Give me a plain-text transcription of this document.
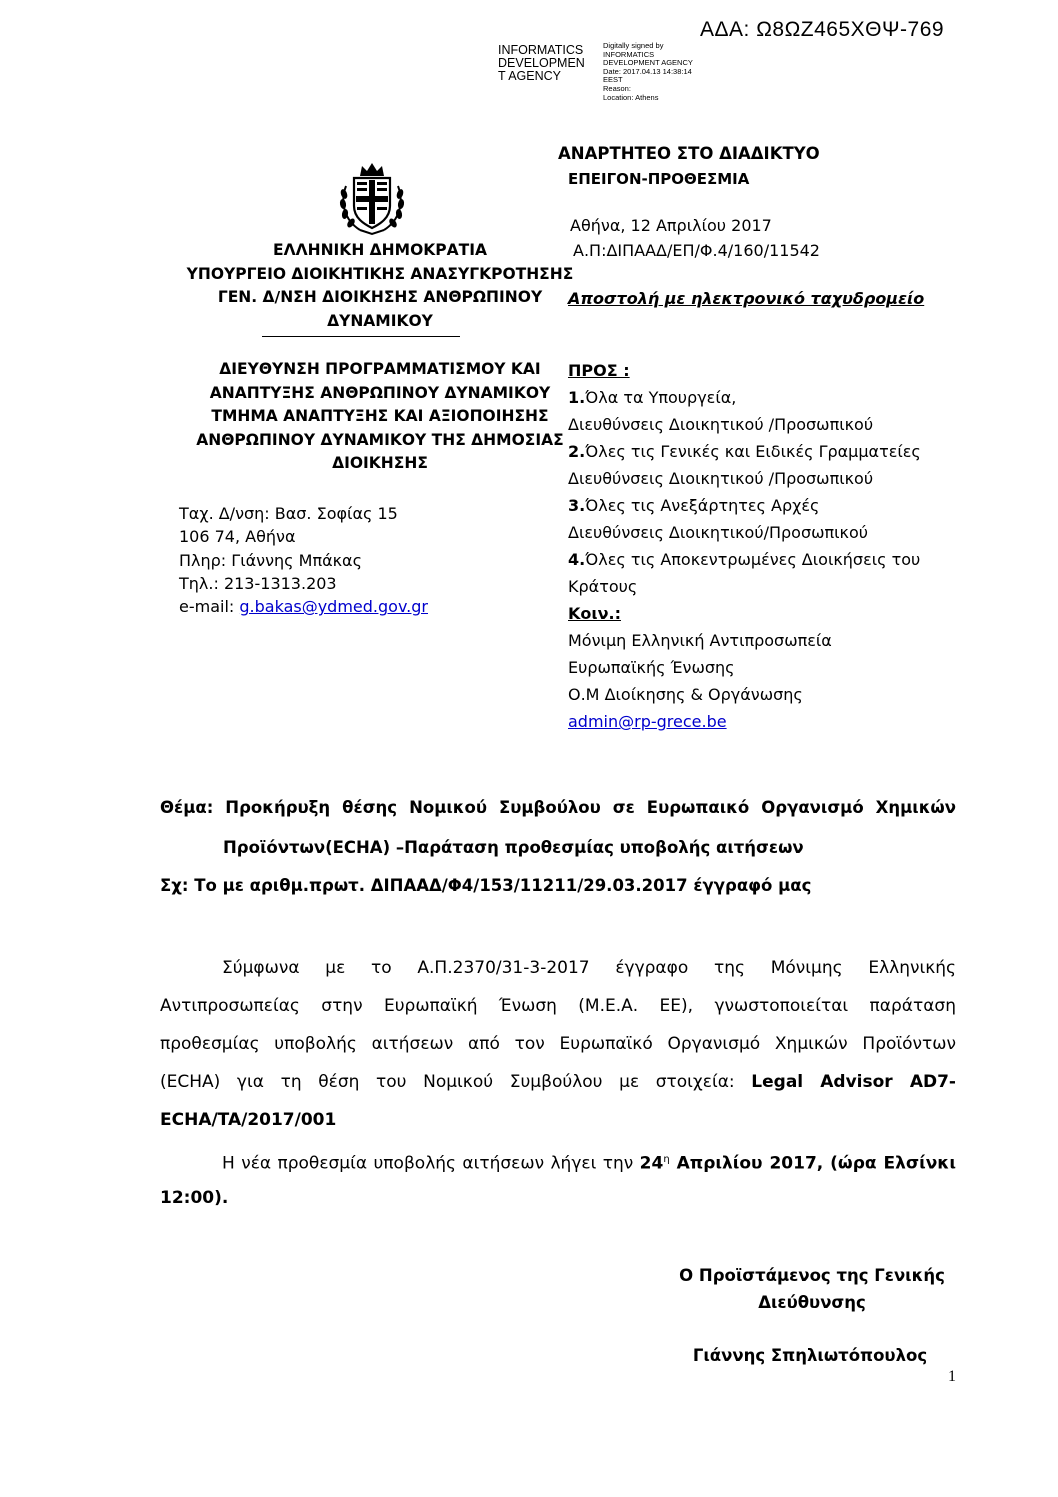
ΑΔΑ: Ω8ΩΖ465ΧΘΨ-769
INFORMATICS
DEVELOPMEN
T AGENCY
Digitally signed by
INFORMATICS
DEVELOPMENT AGENCY
Date: 2017.04.13 14:38:14
EEST
Reason:
Location: Athens
ΑΝΑΡΤΗΤΕΟ ΣΤΟ ΔΙΑΔΙΚΤΥΟ
ΕΠΕΙΓΟΝ-ΠΡΟΘΕΣΜΙΑ
Αθήνα, 12 Απριλίου 2017
Α.Π:ΔΙΠΑΑΔ/ΕΠ/Φ.4/160/11542
Αποστολή με ηλεκτρονικό ταχυδρομείο
ΕΛΛΗΝΙΚΗ ΔΗΜΟΚΡΑΤΙΑ
ΥΠΟΥΡΓΕΙΟ ΔΙΟΙΚΗΤΙΚΗΣ ΑΝΑΣΥΓΚΡΟΤΗΣΗΣ
ΓΕΝ. Δ/ΝΣΗ ΔΙΟΙΚΗΣΗΣ ΑΝΘΡΩΠΙΝΟΥ
ΔΥΝΑΜΙΚΟΥ
ΔΙΕΥΘΥΝΣΗ ΠΡΟΓΡΑΜΜΑΤΙΣΜΟΥ ΚΑΙ
ΑΝΑΠΤΥΞΗΣ ΑΝΘΡΩΠΙΝΟΥ ΔΥΝΑΜΙΚΟΥ
ΤΜΗΜΑ ΑΝΑΠΤΥΞΗΣ ΚΑΙ ΑΞΙΟΠΟΙΗΣΗΣ
ΑΝΘΡΩΠΙΝΟΥ ΔΥΝΑΜΙΚΟΥ ΤΗΣ ΔΗΜΟΣΙΑΣ
ΔΙΟΙΚΗΣΗΣ
Ταχ. Δ/νση: Βασ. Σοφίας 15
106 74, Αθήνα
Πληρ: Γιάννης Μπάκας
Τηλ.: 213-1313.203
e-mail: g.bakas@ydmed.gov.gr
ΠΡΟΣ :
1.Όλα τα Υπουργεία,
Διευθύνσεις Διοικητικού /Προσωπικού
2.Όλες τις Γενικές και Ειδικές Γραμματείες
Διευθύνσεις Διοικητικού /Προσωπικού
3.Όλες τις Ανεξάρτητες Αρχές
Διευθύνσεις Διοικητικού/Προσωπικού
4.Όλες τις Αποκεντρωμένες Διοικήσεις του
Κράτους
Κοιν.:
Μόνιμη Ελληνική Αντιπροσωπεία
Ευρωπαϊκής Ένωσης
Ο.Μ Διοίκησης & Οργάνωσης
admin@rp-grece.be
Θέμα: Προκήρυξη θέσης Νομικού Συμβούλου σε Ευρωπαικό Οργανισμό Χημικών
Προϊόντων(ECHA) –Παράταση προθεσμίας υποβολής αιτήσεων
Σχ: Το με αριθμ.πρωτ. ΔΙΠΑΑΔ/Φ4/153/11211/29.03.2017 έγγραφό μας
Σύμφωνα με το Α.Π.2370/31-3-2017 έγγραφο της Μόνιμης Ελληνικής
Αντιπροσωπείας στην Ευρωπαϊκή Ένωση (Μ.Ε.Α. ΕΕ), γνωστοποιείται παράταση
προθεσμίας υποβολής αιτήσεων από τον Ευρωπαϊκό Οργανισμό Χημικών Προϊόντων
(ECHA) για τη θέση του Νομικού Συμβούλου με στοιχεία: Legal Advisor AD7-
ECHA/TA/2017/001
Η νέα προθεσμία υποβολής αιτήσεων λήγει την $24^\eta$ Απριλίου 2017, (ώρα Ελσίνκι
12:00).
Ο Προϊστάμενος της Γενικής
Διεύθυνσης
Γιάννης Σπηλιωτόπουλος
1
